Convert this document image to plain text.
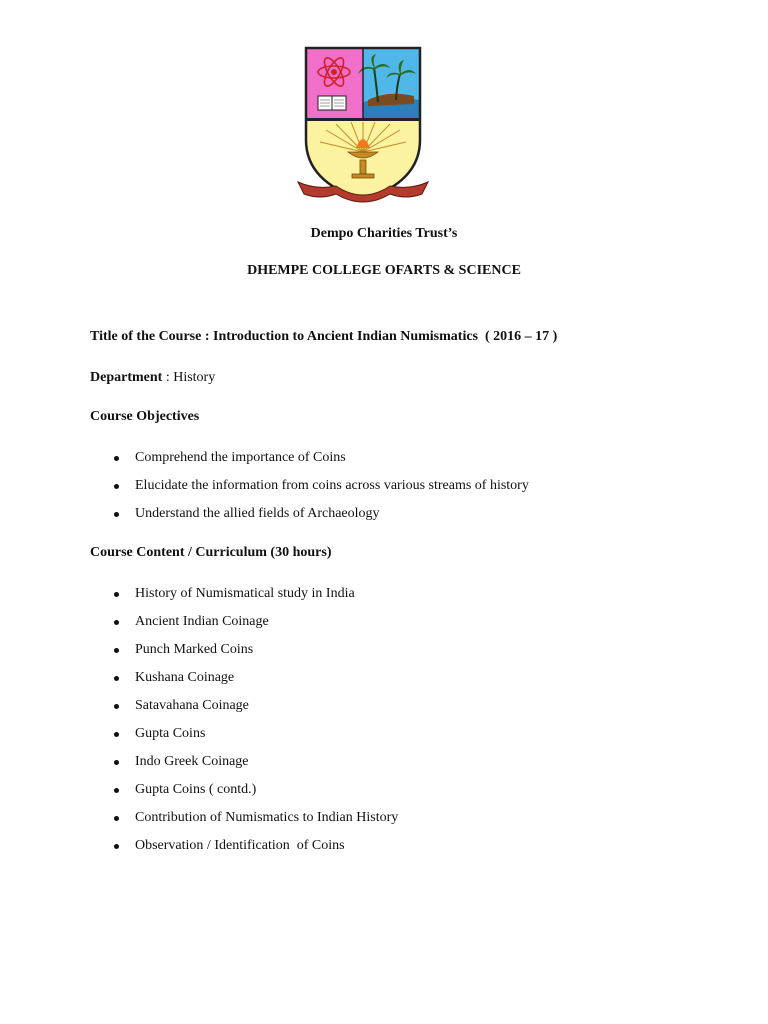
Dempo Charities Trust’s
DHEMPE COLLEGE OFARTS & SCIENCE
Title of the Course : Introduction to Ancient Indian Numismatics  ( 2016 – 17 )
Department : History
Course Objectives
Comprehend the importance of Coins
Elucidate the information from coins across various streams of history
Understand the allied fields of Archaeology
Course Content / Curriculum (30 hours)
History of Numismatical study in India
Ancient Indian Coinage
Punch Marked Coins
Kushana Coinage
Satavahana Coinage
Gupta Coins
Indo Greek Coinage
Gupta Coins ( contd.)
Contribution of Numismatics to Indian History
Observation / Identification  of Coins
